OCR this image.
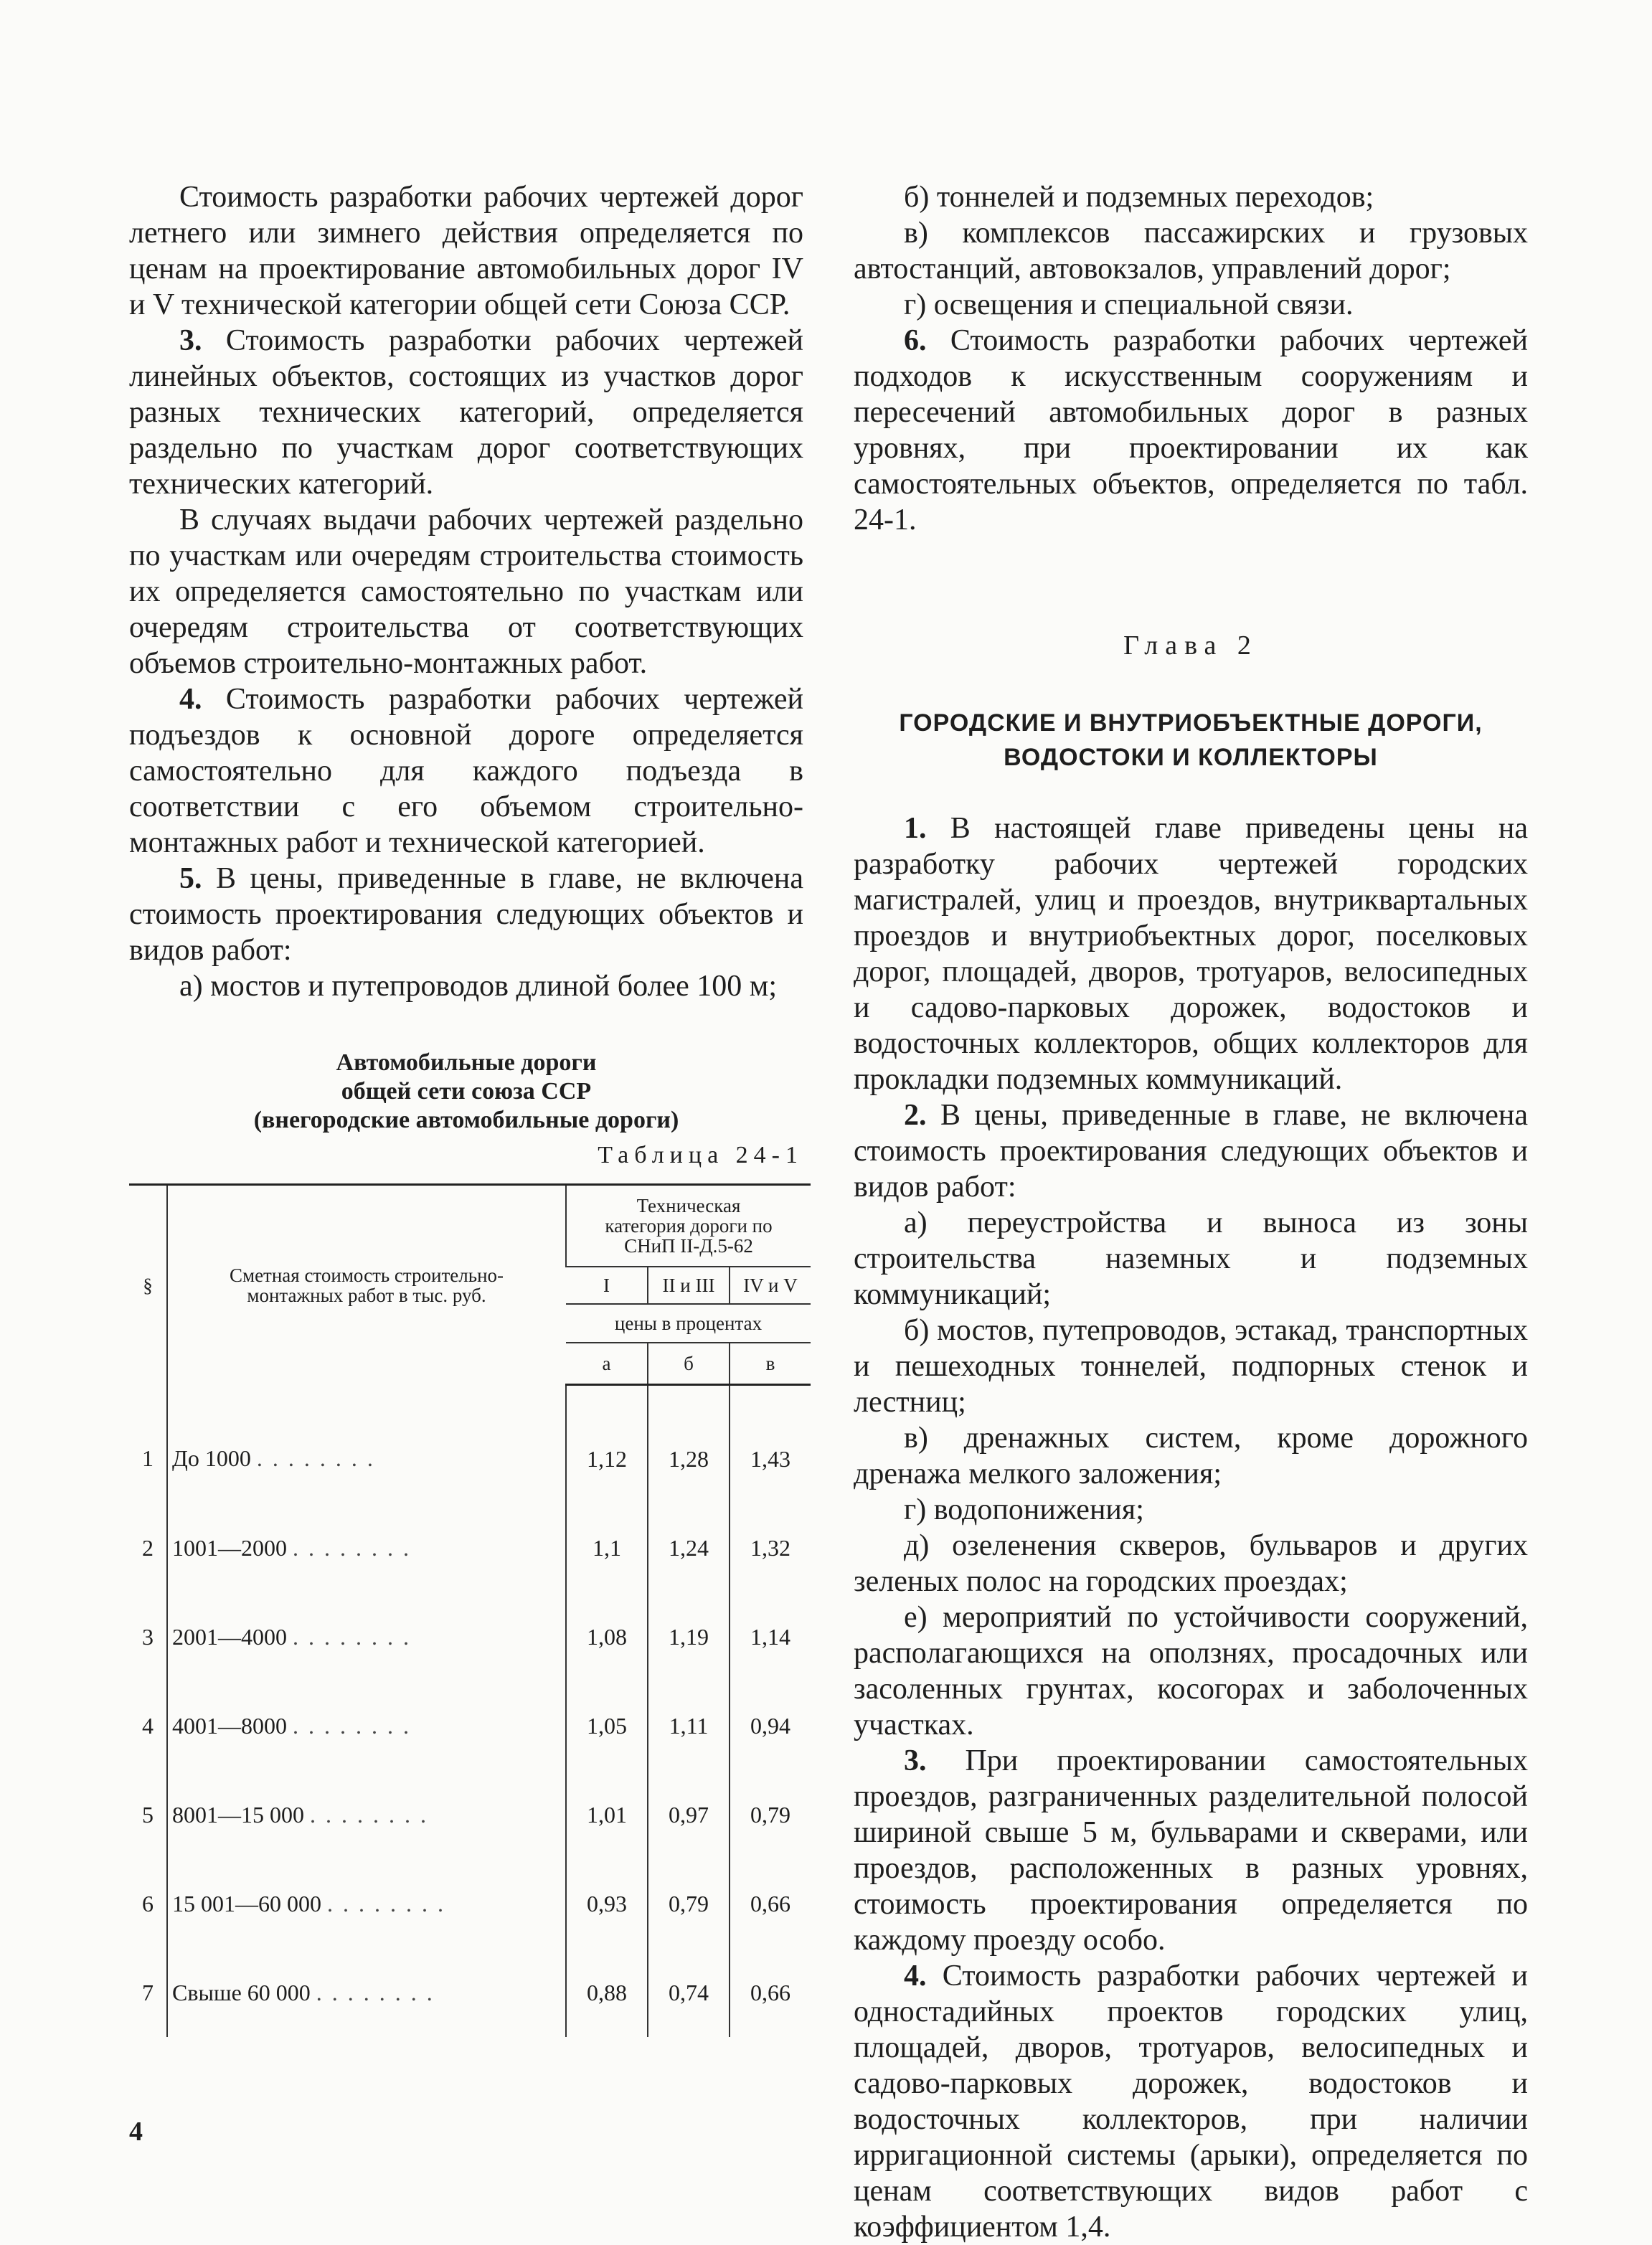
Стоимость разработки рабочих чертежей дорог летнего или зимнего действия определяется по ценам на проектирование автомобильных дорог IV и V технической категории общей сети Союза ССР.

3. Стоимость разработки рабочих чертежей линейных объектов, состоящих из участков дорог разных технических категорий, определяется раздельно по участкам дорог соответствующих технических категорий.

В случаях выдачи рабочих чертежей раздельно по участкам или очередям строительства стоимость их определяется самостоятельно по участкам или очередям строительства от соответствующих объемов строительно-монтажных работ.

4. Стоимость разработки рабочих чертежей подъездов к основной дороге определяется самостоятельно для каждого подъезда в соответствии с его объемом строительно-монтажных работ и технической категорией.

5. В цены, приведенные в главе, не включена стоимость проектирования следующих объектов и видов работ:

а) мостов и путепроводов длиной более 100 м;

Автомобильные дороги
общей сети союза ССР
(внегородские автомобильные дороги)
Таблица 24-1
§	Сметная стоимость строительно-монтажных работ в тыс. руб.	Техническая категория дороги по СНиП II-Д.5-62		
		I	II и III	IV и V
		цены в процентах		
		а	б	в
1	До 1000 ........	1,12	1,28	1,43
2	1001—2000 ........	1,1	1,24	1,32
3	2001—4000 ........	1,08	1,19	1,14
4	4001—8000 ........	1,05	1,11	0,94
5	8001—15 000 ........	1,01	0,97	0,79
6	15 001—60 000 ........	0,93	0,79	0,66
7	Свыше 60 000 ........	0,88	0,74	0,66

б) тоннелей и подземных переходов;

в) комплексов пассажирских и грузовых автостанций, автовокзалов, управлений дорог;

г) освещения и специальной связи.

6. Стоимость разработки рабочих чертежей подходов к искусственным сооружениям и пересечений автомобильных дорог в разных уровнях, при проектировании их как самостоятельных объектов, определяется по табл. 24-1.

Глава 2
ГОРОДСКИЕ И ВНУТРИОБЪЕКТНЫЕ ДОРОГИ,
ВОДОСТОКИ И КОЛЛЕКТОРЫ

1. В настоящей главе приведены цены на разработку рабочих чертежей городских магистралей, улиц и проездов, внутриквартальных проездов и внутриобъектных дорог, поселковых дорог, площадей, дворов, тротуаров, велосипедных и садово-парковых дорожек, водостоков и водосточных коллекторов, общих коллекторов для прокладки подземных коммуникаций.

2. В цены, приведенные в главе, не включена стоимость проектирования следующих объектов и видов работ:

а) переустройства и выноса из зоны строительства наземных и подземных коммуникаций;

б) мостов, путепроводов, эстакад, транспортных и пешеходных тоннелей, подпорных стенок и лестниц;

в) дренажных систем, кроме дорожного дренажа мелкого заложения;

г) водопонижения;

д) озеленения скверов, бульваров и других зеленых полос на городских проездах;

е) мероприятий по устойчивости сооружений, располагающихся на оползнях, просадочных или засоленных грунтах, косогорах и заболоченных участках.

3. При проектировании самостоятельных проездов, разграниченных разделительной полосой шириной свыше 5 м, бульварами и скверами, или проездов, расположенных в разных уровнях, стоимость проектирования определяется по каждому проезду особо.

4. Стоимость разработки рабочих чертежей и одностадийных проектов городских улиц, площадей, дворов, тротуаров, велосипедных и садово-парковых дорожек, водостоков и водосточных коллекторов, при наличии ирригационной системы (арыки), определяется по ценам соответствующих видов работ с коэффициентом 1,4.

4
